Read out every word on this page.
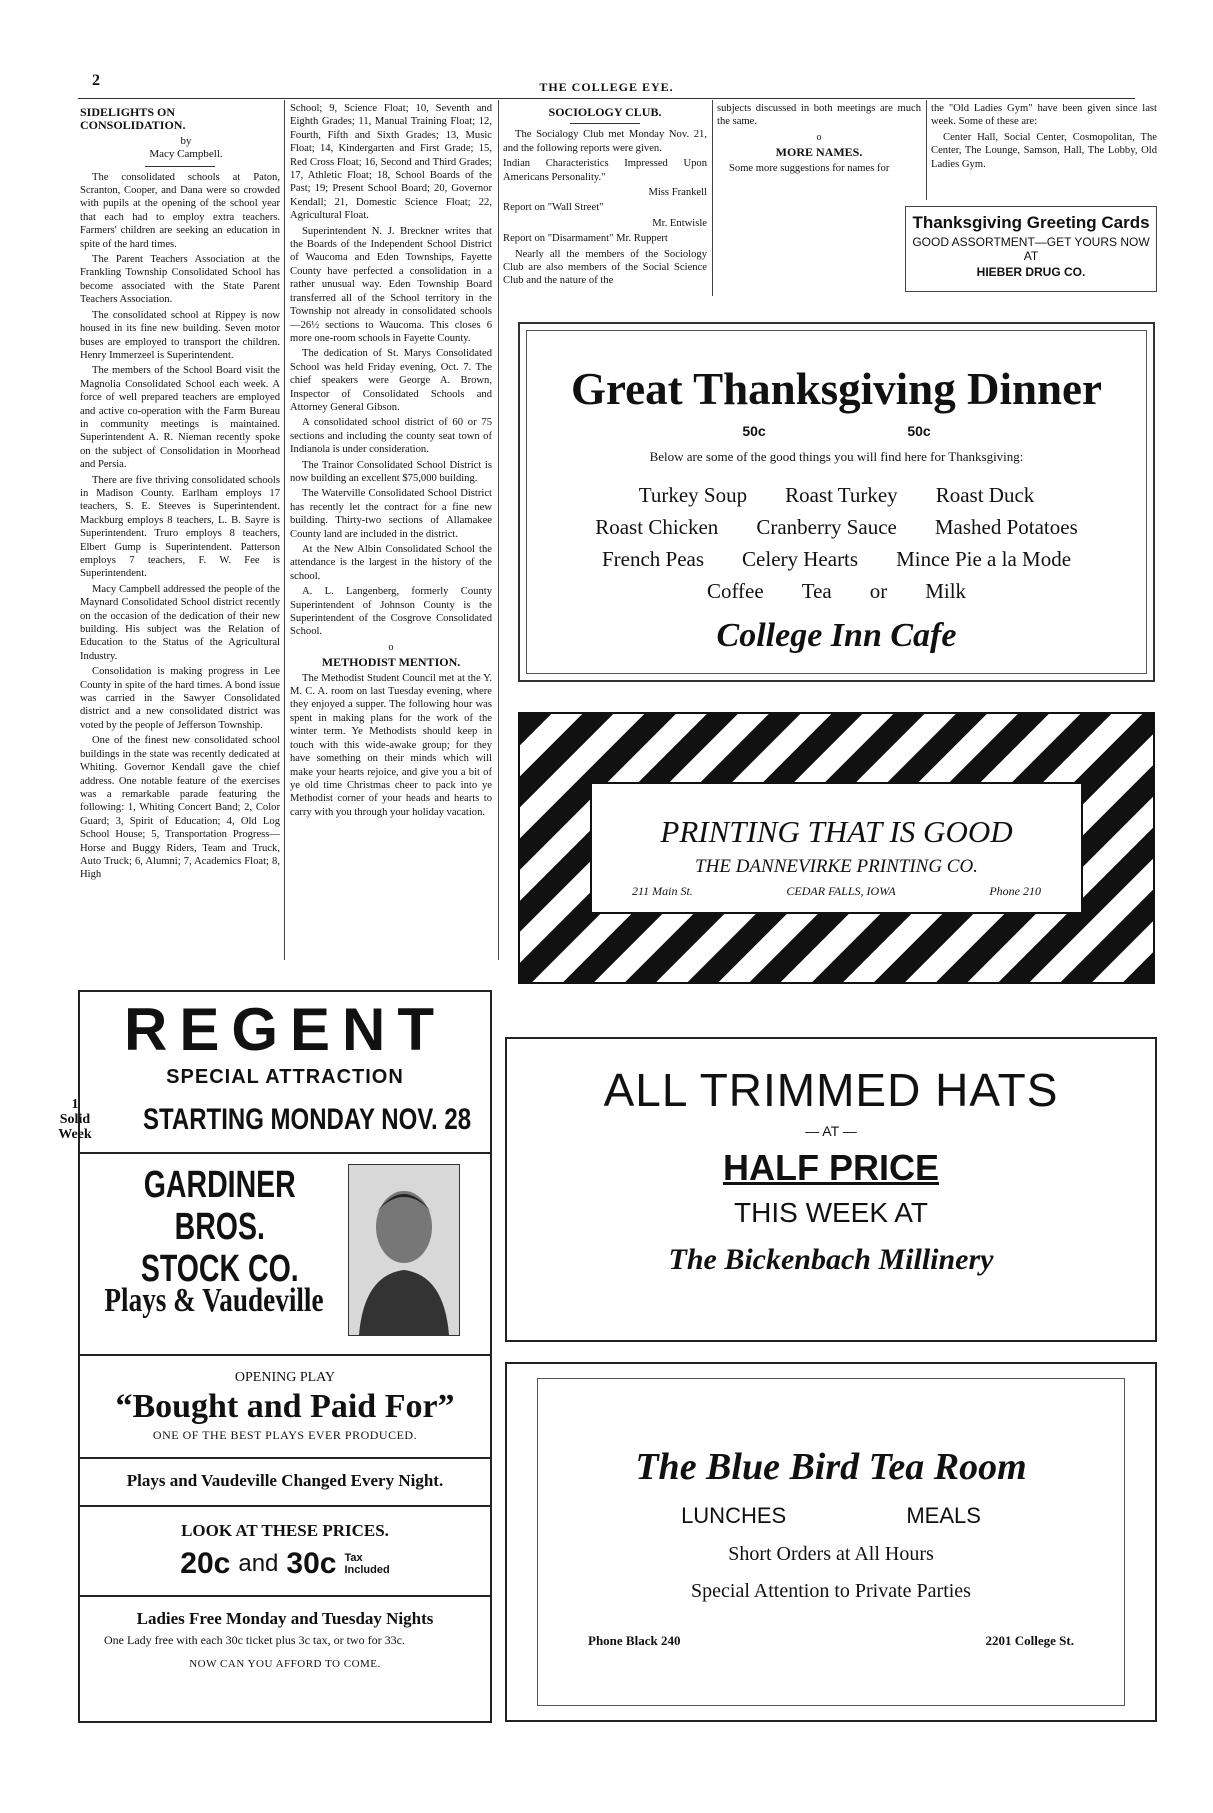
2	THE COLLEGE EYE.
SIDELIGHTS ON CONSOLIDATION.

by

Macy Campbell.

The consolidated schools at Paton, Scranton, Cooper, and Dana were so crowded with pupils at the opening of the school year that each had to employ extra teachers. Farmers' children are seeking an education in spite of the hard times.

The Parent Teachers Association at the Frankling Township Consolidated School has become associated with the State Parent Teachers Association.

The consolidated school at Rippey is now housed in its fine new building. Seven motor buses are employed to transport the children. Henry Immerzeel is Superintendent.

The members of the School Board visit the Magnolia Consolidated School each week. A force of well prepared teachers are employed and active co-operation with the Farm Bureau in community meetings is maintained. Superintendent A. R. Nieman recently spoke on the subject of Consolidation in Moorhead and Persia.

There are five thriving consolidated schools in Madison County. Earlham employs 17 teachers, S. E. Steeves is Superintendent. Mackburg employs 8 teachers, L. B. Sayre is Superintendent. Truro employs 8 teachers, Elbert Gump is Superintendent. Patterson employs 7 teachers, F. W. Fee is Superintendent.

Macy Campbell addressed the people of the Maynard Consolidated School district recently on the occasion of the dedication of their new building. His subject was the Relation of Education to the Status of the Agricultural Industry.

Consolidation is making progress in Lee County in spite of the hard times. A bond issue was carried in the Sawyer Consolidated district and a new consolidated district was voted by the people of Jefferson Township.

One of the finest new consolidated school buildings in the state was recently dedicated at Whiting. Governor Kendall gave the chief address. One notable feature of the exercises was a remarkable parade featuring the following: 1, Whiting Concert Band; 2, Color Guard; 3, Spirit of Education; 4, Old Log School House; 5, Transportation Progress—Horse and Buggy Riders, Team and Truck, Auto Truck; 6, Alumni; 7, Academics Float; 8, High

School; 9, Science Float; 10, Seventh and Eighth Grades; 11, Manual Training Float; 12, Fourth, Fifth and Sixth Grades; 13, Music Float; 14, Kindergarten and First Grade; 15, Red Cross Float; 16, Second and Third Grades; 17, Athletic Float; 18, School Boards of the Past; 19; Present School Board; 20, Governor Kendall; 21, Domestic Science Float; 22, Agricultural Float.

Superintendent N. J. Breckner writes that the Boards of the Independent School District of Waucoma and Eden Townships, Fayette County have perfected a consolidation in a rather unusual way. Eden Township Board transferred all of the School territory in the Township not already in consolidated schools—26½ sections to Waucoma. This closes 6 more one-room schools in Fayette County.

The dedication of St. Marys Consolidated School was held Friday evening, Oct. 7. The chief speakers were George A. Brown, Inspector of Consolidated Schools and Attorney General Gibson.

A consolidated school district of 60 or 75 sections and including the county seat town of Indianola is under consideration.

The Trainor Consolidated School District is now building an excellent $75,000 building.

The Waterville Consolidated School District has recently let the contract for a fine new building. Thirty-two sections of Allamakee County land are included in the district.

At the New Albin Consolidated School the attendance is the largest in the history of the school.

A. L. Langenberg, formerly County Superintendent of Johnson County is the Superintendent of the Cosgrove Consolidated School.

o
METHODIST MENTION.

The Methodist Student Council met at the Y. M. C. A. room on last Tuesday evening, where they enjoyed a supper. The following hour was spent in making plans for the work of the winter term. Ye Methodists should keep in touch with this wide-awake group; for they have something on their minds which will make your hearts rejoice, and give you a bit of ye old time Christmas cheer to pack into ye Methodist corner of your heads and hearts to carry with you through your holiday vacation.

SOCIOLOGY CLUB.

The Socialogy Club met Monday Nov. 21, and the following reports were given.

Indian Characteristics Impressed Upon Americans Personality."

Miss Frankell

Report on "Wall Street"

Mr. Entwisle

Report on "Disarmament" Mr. Ruppert

Nearly all the members of the Sociology Club are also members of the Social Science Club and the nature of the

subjects discussed in both meetings are much the same.

o
MORE NAMES.

Some more suggestions for names for

the "Old Ladies Gym" have been given since last week. Some of these are:

Center Hall, Social Center, Cosmopolitan, The Center, The Lounge, Samson, Hall, The Lobby, Old Ladies Gym.

Thanksgiving Greeting Cards
GOOD ASSORTMENT—GET YOURS NOW AT
HIEBER DRUG CO.
Great Thanksgiving Dinner
50c	50c
Below are some of the good things you will find here for Thanksgiving:
Turkey Soup Roast Turkey Roast Duck
Roast Chicken Cranberry Sauce Mashed Potatoes
French Peas Celery Hearts Mince Pie a la Mode
Coffee Tea or Milk
College Inn Cafe
PRINTING THAT IS GOOD
THE DANNEVIRKE PRINTING CO.
211 Main St.	CEDAR FALLS, IOWA	Phone 210
ALL TRIMMED HATS
— AT —
HALF PRICE
THIS WEEK AT
The Bickenbach Millinery
The Blue Bird Tea Room
LUNCHES	MEALS
Short Orders at All Hours
Special Attention to Private Parties
Phone Black 240	2201 College St.
REGENT
SPECIAL ATTRACTION
1 Solid
Week STARTING MONDAY NOV. 28
GARDINER BROS.
STOCK CO.
Plays & Vaudeville
OPENING PLAY
“Bought and Paid For”
ONE OF THE BEST PLAYS EVER PRODUCED.
Plays and Vaudeville Changed Every Night.
LOOK AT THESE PRICES.
20c and 30c Tax
Included
Ladies Free Monday and Tuesday Nights
One Lady free with each 30c ticket plus 3c tax, or two for 33c.
NOW CAN YOU AFFORD TO COME.
